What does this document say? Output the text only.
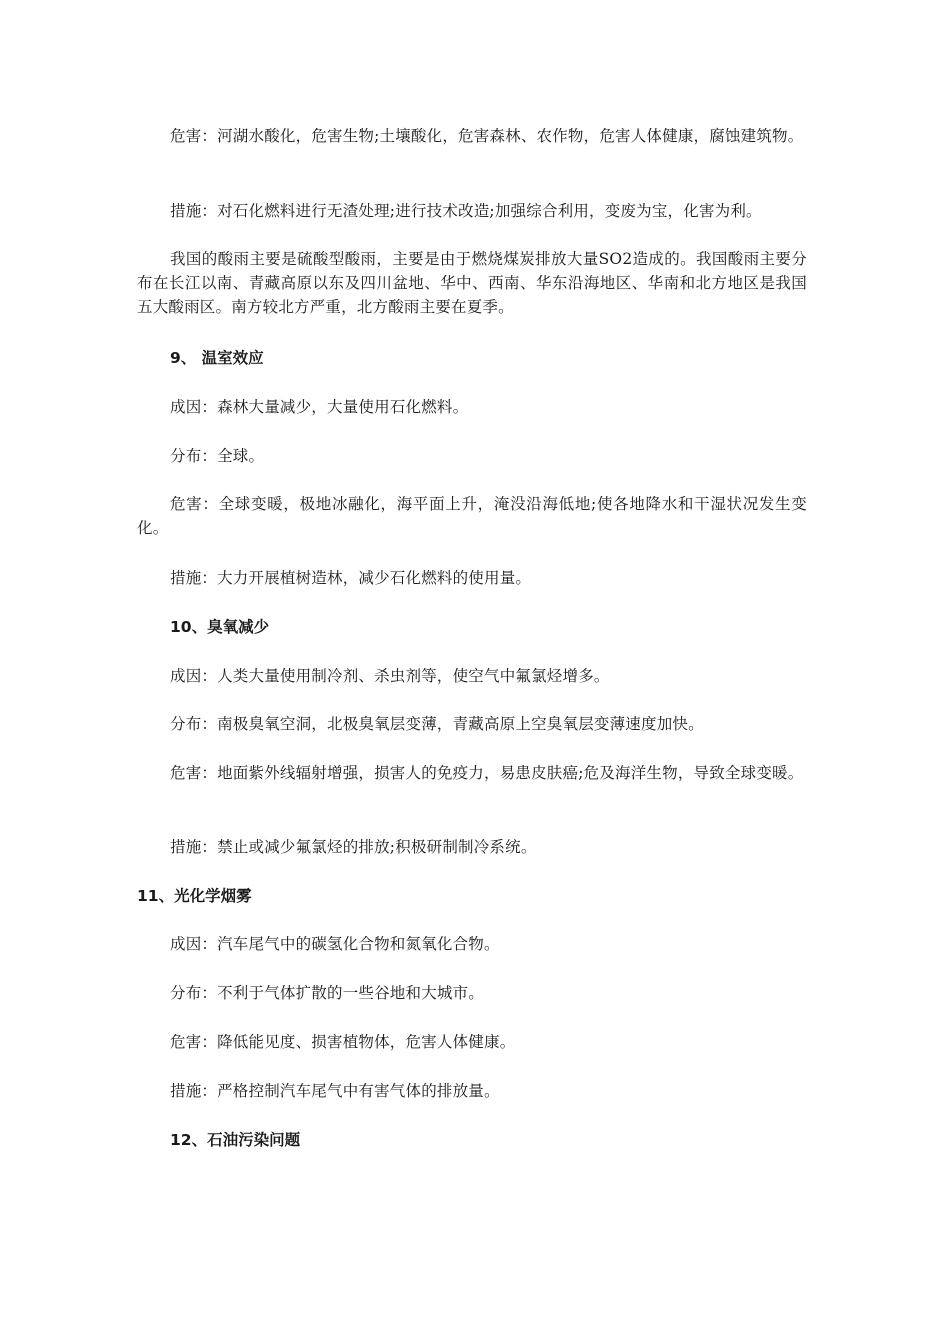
危害：河湖水酸化，危害生物;土壤酸化，危害森林、农作物，危害人体健康，腐蚀建筑物。

措施：对石化燃料进行无渣处理;进行技术改造;加强综合利用，变废为宝，化害为利。

我国的酸雨主要是硫酸型酸雨，主要是由于燃烧煤炭排放大量SO2造成的。我国酸雨主要分布在长江以南、青藏高原以东及四川盆地、华中、西南、华东沿海地区、华南和北方地区是我国五大酸雨区。南方较北方严重，北方酸雨主要在夏季。

9、 温室效应

成因：森林大量减少，大量使用石化燃料。

分布：全球。

危害：全球变暖，极地冰融化，海平面上升，淹没沿海低地;使各地降水和干湿状况发生变化。

措施：大力开展植树造林，减少石化燃料的使用量。

10、臭氧减少

成因：人类大量使用制冷剂、杀虫剂等，使空气中氟氯烃增多。

分布：南极臭氧空洞，北极臭氧层变薄，青藏高原上空臭氧层变薄速度加快。

危害：地面紫外线辐射增强，损害人的免疫力，易患皮肤癌;危及海洋生物，导致全球变暖。

措施：禁止或减少氟氯烃的排放;积极研制制冷系统。

11、光化学烟雾

成因：汽车尾气中的碳氢化合物和氮氧化合物。

分布：不利于气体扩散的一些谷地和大城市。

危害：降低能见度、损害植物体，危害人体健康。

措施：严格控制汽车尾气中有害气体的排放量。

12、石油污染问题
